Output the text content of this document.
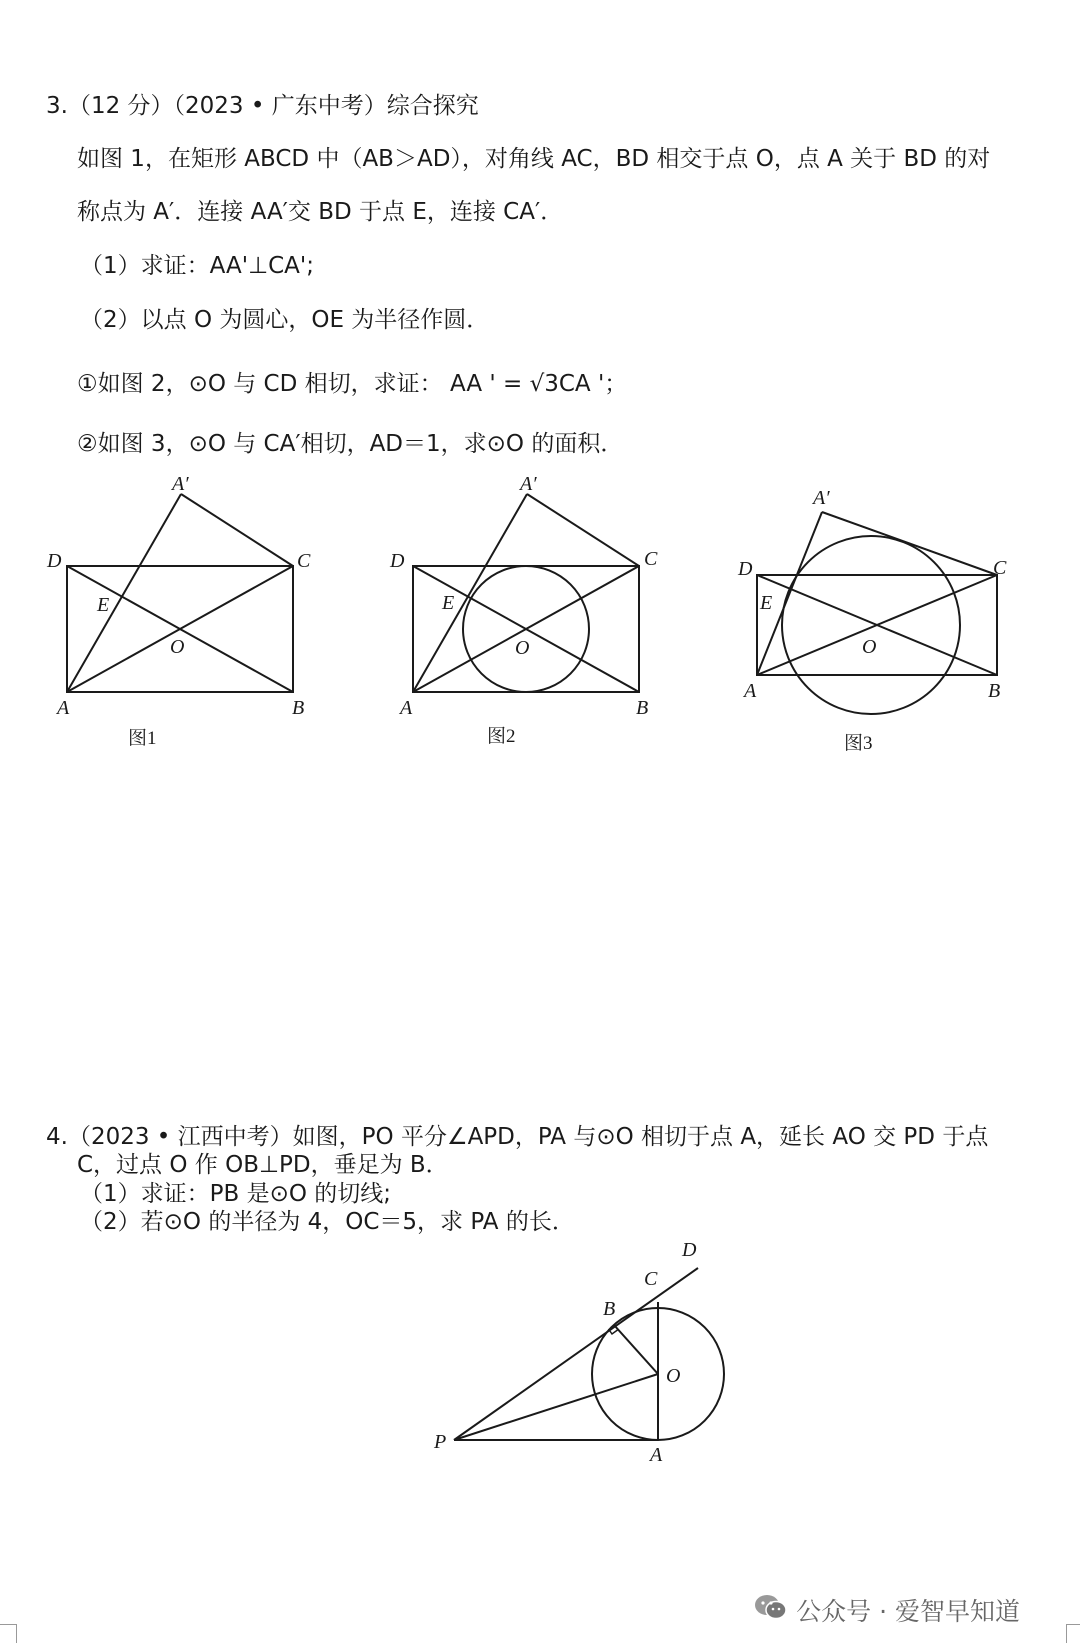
3.（12 分）（2023 • 广东中考）综合探究
如图 1，在矩形 ABCD 中（AB＞AD），对角线 AC，BD 相交于点 O，点 A 关于 BD 的对
称点为 A′．连接 AA′交 BD 于点 E，连接 CA′．
（1）求证：AA'⊥CA';
（2）以点 O 为圆心，OE 为半径作圆．
①如图 2，⊙O 与 CD 相切，求证： AA ' = √3CA '；
②如图 3，⊙O 与 CA′相切，AD＝1，求⊙O 的面积．
A′
D	C
E
O
A	B
图1
A′
D	C
E
O
A	B
图2
A′
D	C
E
O
A	B
图3
4.（2023 • 江西中考）如图，PO 平分∠APD，PA 与⊙O 相切于点 A，延长 AO 交 PD 于点
C，过点 O 作 OB⊥PD，垂足为 B．
（1）求证：PB 是⊙O 的切线;
（2）若⊙O 的半径为 4，OC＝5，求 PA 的长．
D
C
B
O
P
A
公众号 · 爱智早知道
